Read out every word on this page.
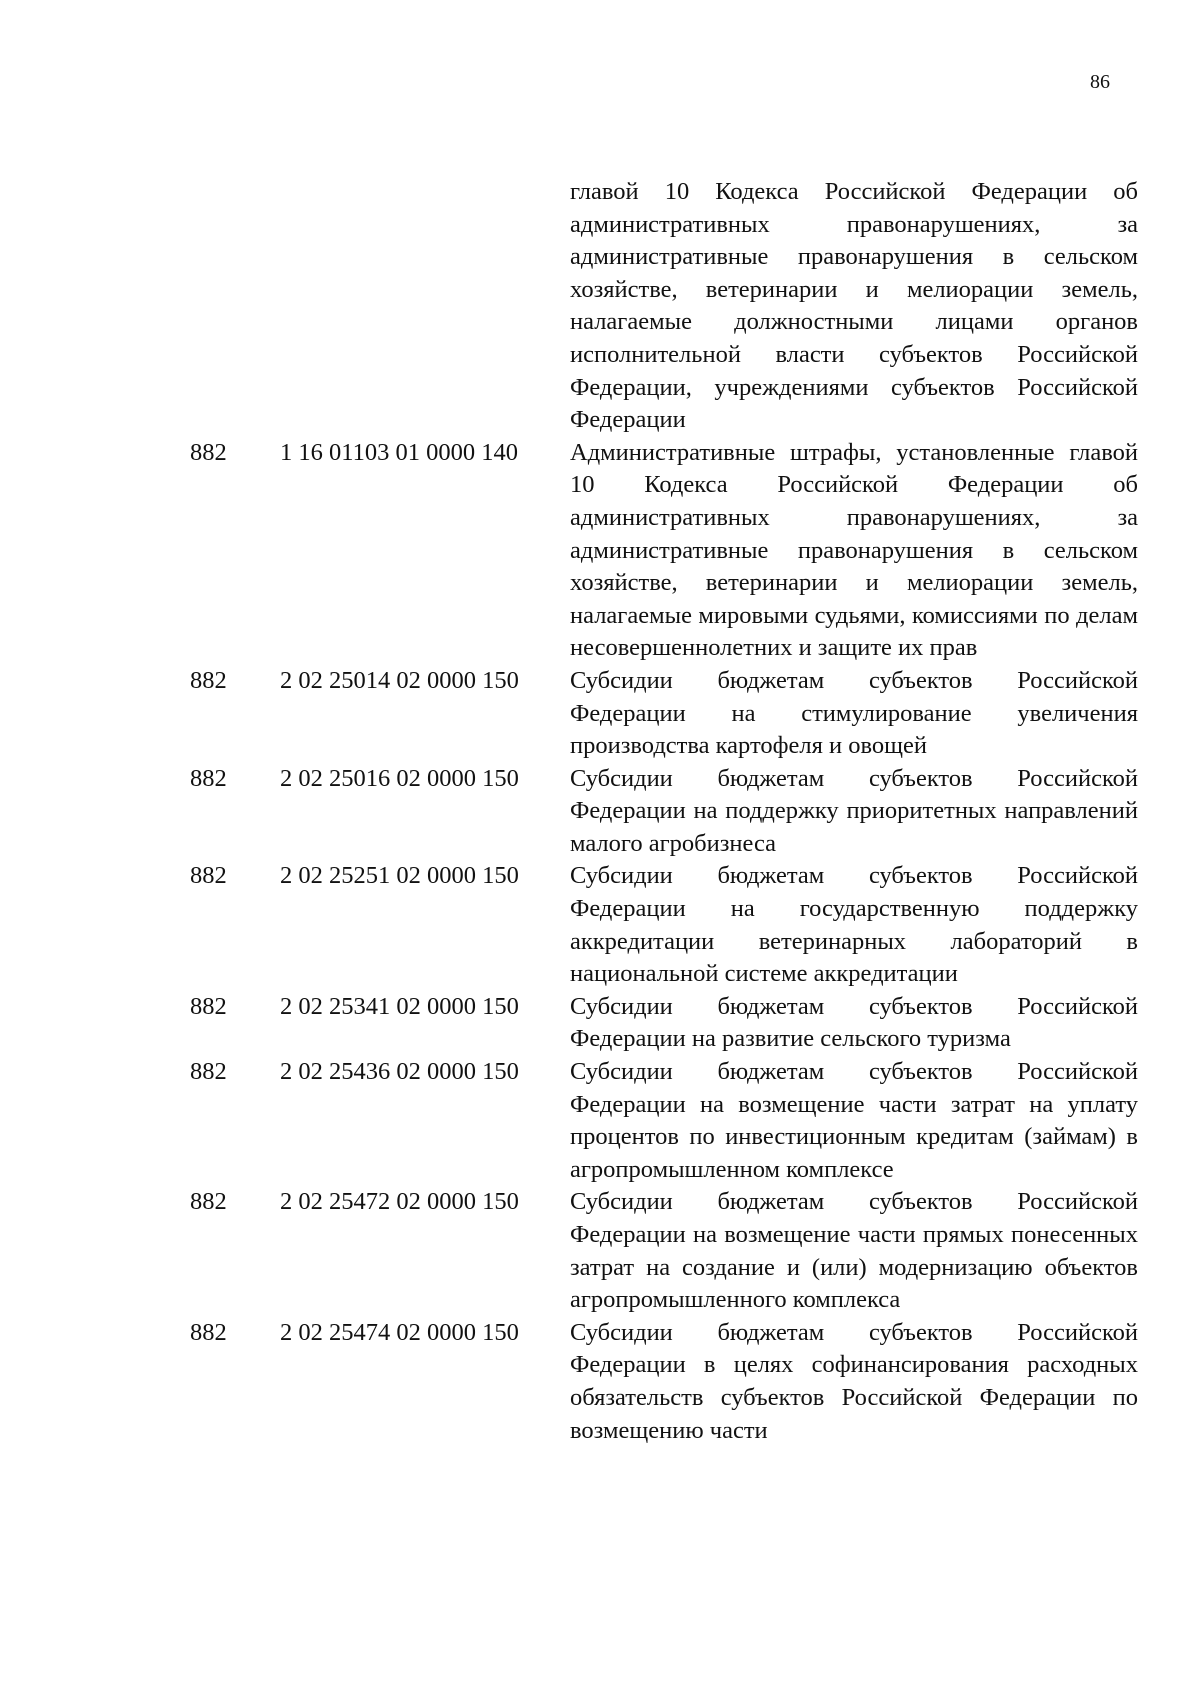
86
главой 10 Кодекса Российской Федерации об административных правонарушениях, за административные правонарушения в сельском хозяйстве, ветеринарии и мелиорации земель, налагаемые должностными лицами органов исполнительной власти субъектов Российской Федерации, учреждениями субъектов Российской Федерации
882	1 16 01103 01 0000 140	Административные штрафы, установленные главой 10 Кодекса Российской Федерации об административных правонарушениях, за административные правонарушения в сельском хозяйстве, ветеринарии и мелиорации земель, налагаемые мировыми судьями, комиссиями по делам несовершеннолетних и защите их прав
882	2 02 25014 02 0000 150	Субсидии бюджетам субъектов Российской Федерации на стимулирование увеличения производства картофеля и овощей
882	2 02 25016 02 0000 150	Субсидии бюджетам субъектов Российской Федерации на поддержку приоритетных направлений малого агробизнеса
882	2 02 25251 02 0000 150	Субсидии бюджетам субъектов Российской Федерации на государственную поддержку аккредитации ветеринарных лабораторий в национальной системе аккредитации
882	2 02 25341 02 0000 150	Субсидии бюджетам субъектов Российской Федерации на развитие сельского туризма
882	2 02 25436 02 0000 150	Субсидии бюджетам субъектов Российской Федерации на возмещение части затрат на уплату процентов по инвестиционным кредитам (займам) в агропромышленном комплексе
882	2 02 25472 02 0000 150	Субсидии бюджетам субъектов Российской Федерации на возмещение части прямых понесенных затрат на создание и (или) модернизацию объектов агропромышленного комплекса
882	2 02 25474 02 0000 150	Субсидии бюджетам субъектов Российской Федерации в целях софинансирования расходных обязательств субъектов Российской Федерации по возмещению части
